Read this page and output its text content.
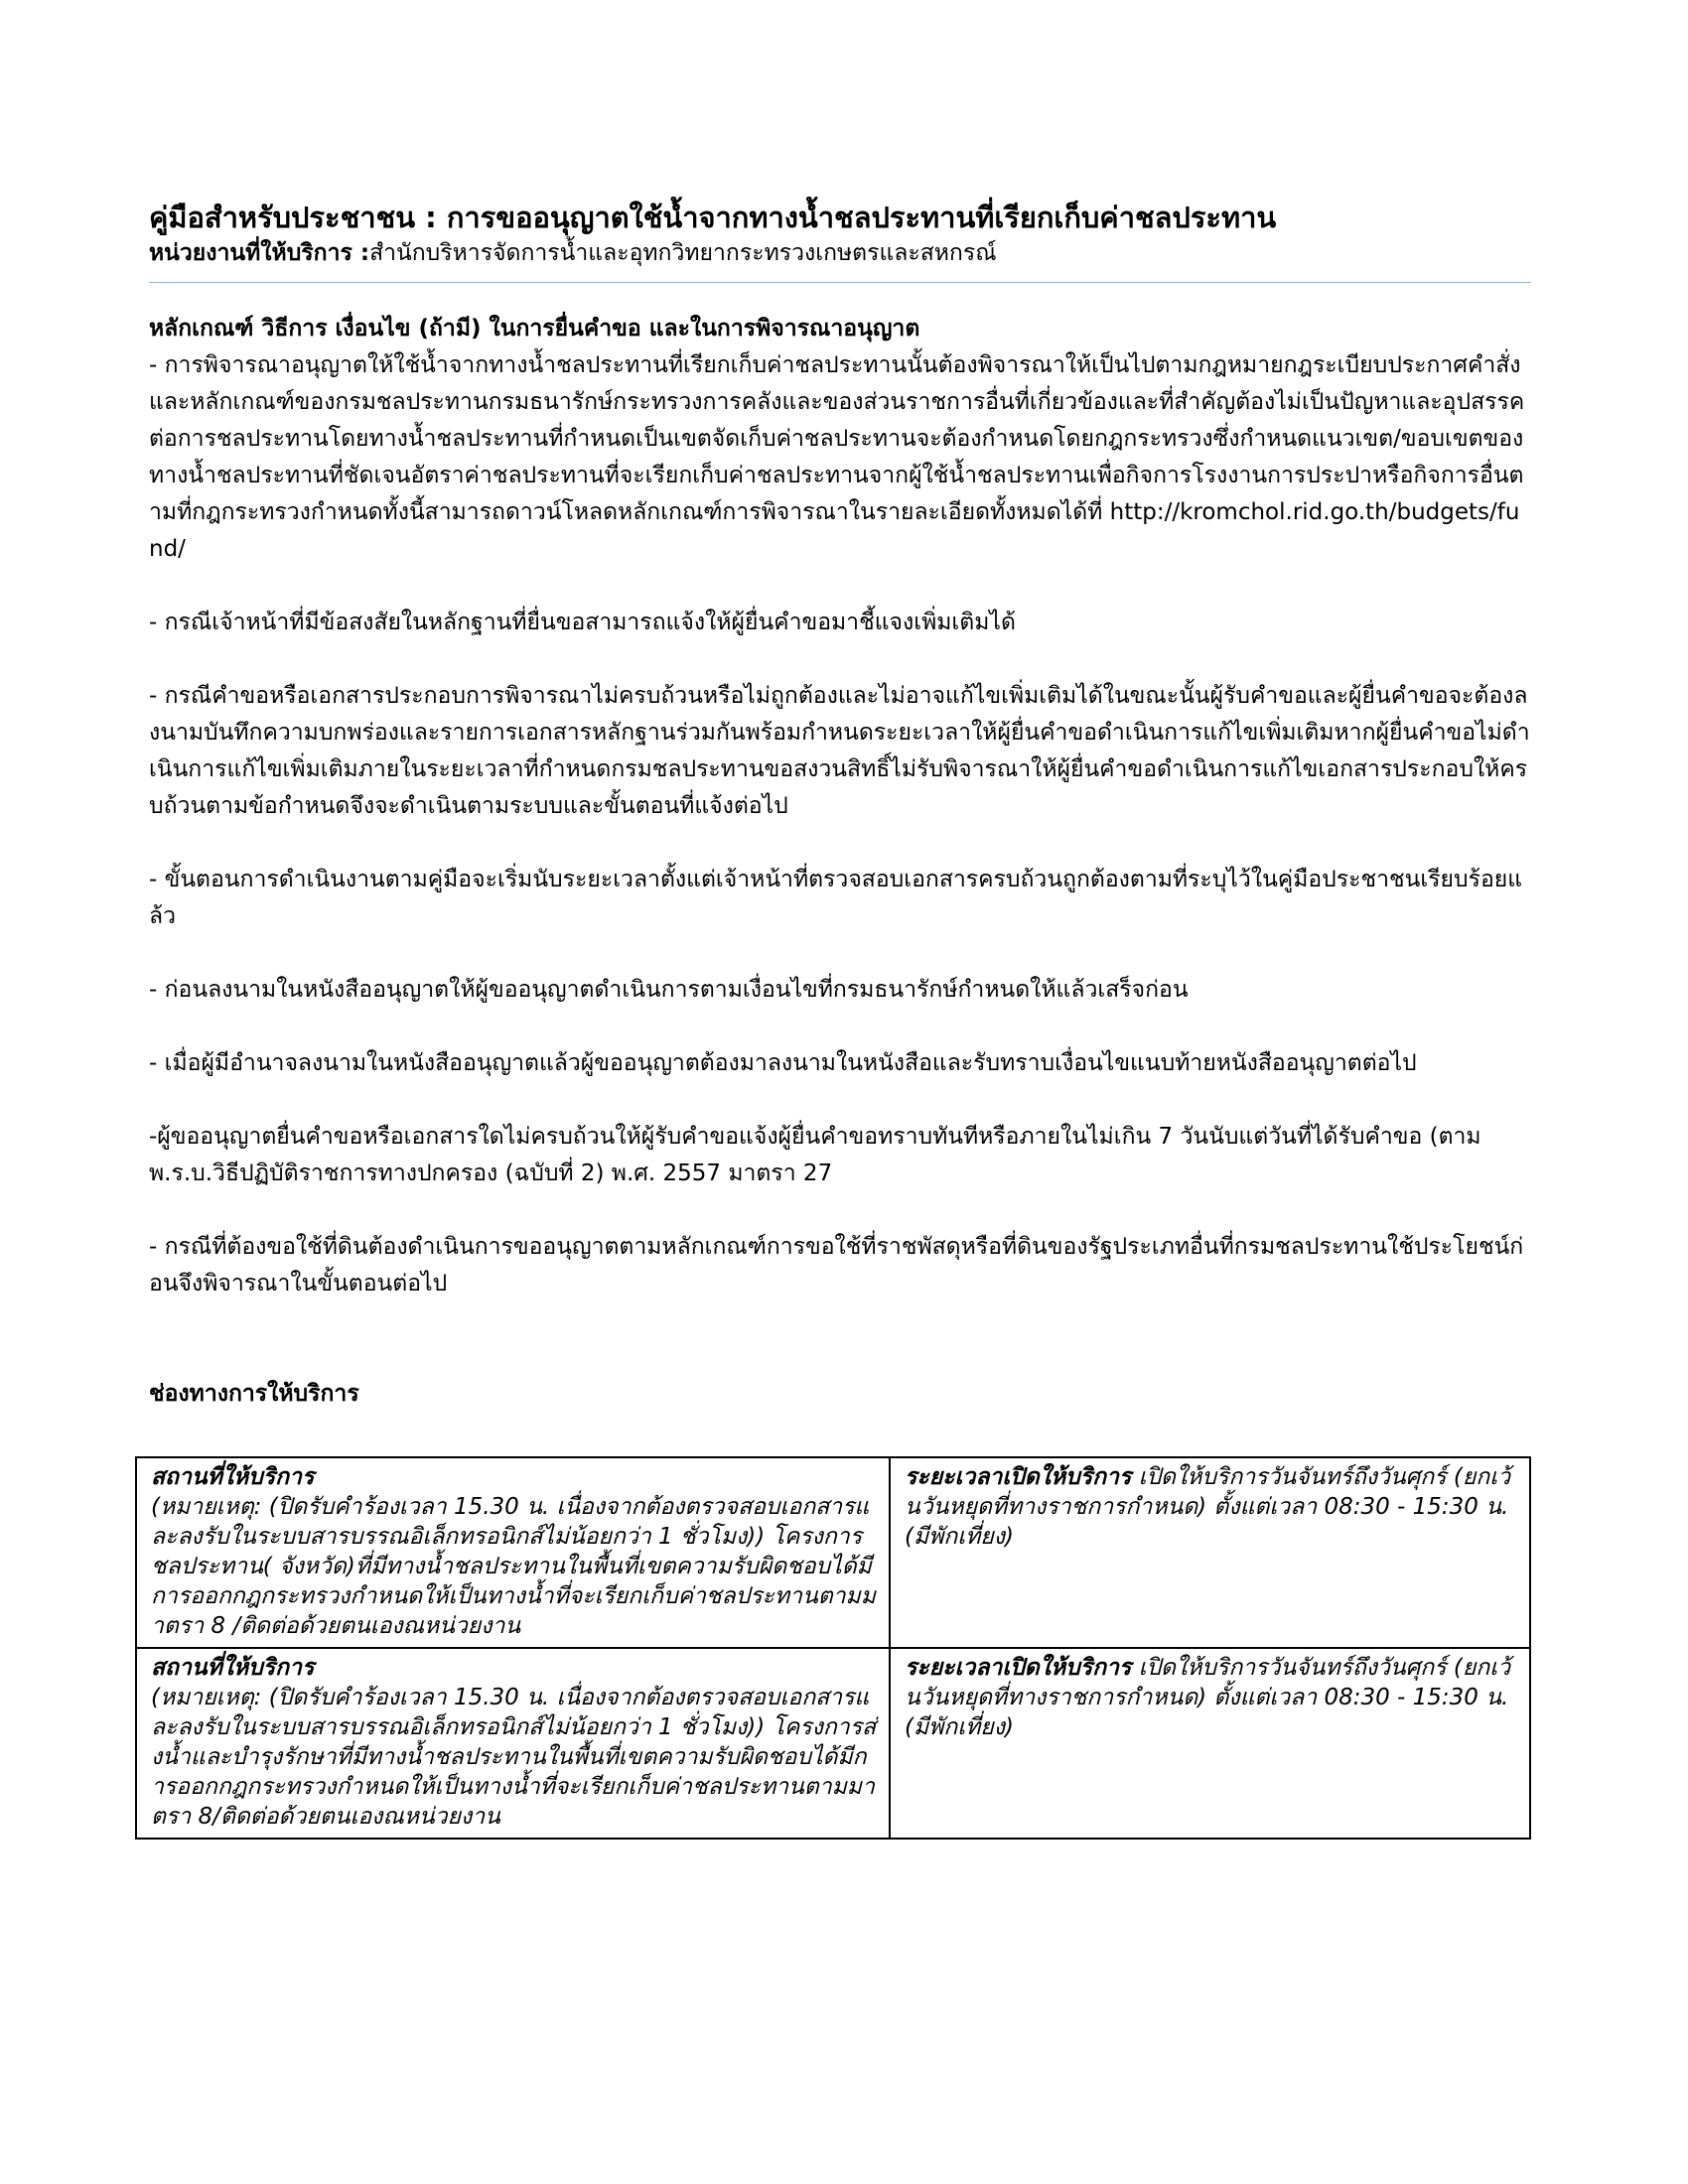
คู่มือสำหรับประชาชน : การขออนุญาตใช้น้ำจากทางน้ำชลประทานที่เรียกเก็บค่าชลประทาน
หน่วยงานที่ให้บริการ :สำนักบริหารจัดการน้ำและอุทกวิทยากระทรวงเกษตรและสหกรณ์
หลักเกณฑ์ วิธีการ เงื่อนไข (ถ้ามี) ในการยื่นคำขอ และในการพิจารณาอนุญาต

- การพิจารณาอนุญาตให้ใช้น้ำจากทางน้ำชลประทานที่เรียกเก็บค่าชลประทานนั้นต้องพิจารณาให้เป็นไปตามกฎหมายกฎระเบียบประกาศคำสั่งและหลักเกณฑ์ของกรมชลประทานกรมธนารักษ์กระทรวงการคลังและของส่วนราชการอื่นที่เกี่ยวข้องและที่สำคัญต้องไม่เป็นปัญหาและอุปสรรคต่อการชลประทานโดยทางน้ำชลประทานที่กำหนดเป็นเขตจัดเก็บค่าชลประทานจะต้องกำหนดโดยกฎกระทรวงซึ่งกำหนดแนวเขต/ขอบเขตของทางน้ำชลประทานที่ชัดเจนอัตราค่าชลประทานที่จะเรียกเก็บค่าชลประทานจากผู้ใช้น้ำชลประทานเพื่อกิจการโรงงานการประปาหรือกิจการอื่นตามที่กฎกระทรวงกำหนดทั้งนี้สามารถดาวน์โหลดหลักเกณฑ์การพิจารณาในรายละเอียดทั้งหมดได้ที่ http://kromchol.rid.go.th/budgets/fund/

- กรณีเจ้าหน้าที่มีข้อสงสัยในหลักฐานที่ยื่นขอสามารถแจ้งให้ผู้ยื่นคำขอมาชี้แจงเพิ่มเติมได้

- กรณีคำขอหรือเอกสารประกอบการพิจารณาไม่ครบถ้วนหรือไม่ถูกต้องและไม่อาจแก้ไขเพิ่มเติมได้ในขณะนั้นผู้รับคำขอและผู้ยื่นคำขอจะต้องลงนามบันทึกความบกพร่องและรายการเอกสารหลักฐานร่วมกันพร้อมกำหนดระยะเวลาให้ผู้ยื่นคำขอดำเนินการแก้ไขเพิ่มเติมหากผู้ยื่นคำขอไม่ดำเนินการแก้ไขเพิ่มเติมภายในระยะเวลาที่กำหนดกรมชลประทานขอสงวนสิทธิ์ไม่รับพิจารณาให้ผู้ยื่นคำขอดำเนินการแก้ไขเอกสารประกอบให้ครบถ้วนตามข้อกำหนดจึงจะดำเนินตามระบบและขั้นตอนที่แจ้งต่อไป

- ขั้นตอนการดำเนินงานตามคู่มือจะเริ่มนับระยะเวลาตั้งแต่เจ้าหน้าที่ตรวจสอบเอกสารครบถ้วนถูกต้องตามที่ระบุไว้ในคู่มือประชาชนเรียบร้อยแล้ว

- ก่อนลงนามในหนังสืออนุญาตให้ผู้ขออนุญาตดำเนินการตามเงื่อนไขที่กรมธนารักษ์กำหนดให้แล้วเสร็จก่อน

- เมื่อผู้มีอำนาจลงนามในหนังสืออนุญาตแล้วผู้ขออนุญาตต้องมาลงนามในหนังสือและรับทราบเงื่อนไขแนบท้ายหนังสืออนุญาตต่อไป

-ผู้ขออนุญาตยื่นคำขอหรือเอกสารใดไม่ครบถ้วนให้ผู้รับคำขอแจ้งผู้ยื่นคำขอทราบทันทีหรือภายในไม่เกิน 7 วันนับแต่วันที่ได้รับคำขอ (ตามพ.ร.บ.วิธีปฏิบัติราชการทางปกครอง (ฉบับที่ 2) พ.ศ. 2557 มาตรา 27

- กรณีที่ต้องขอใช้ที่ดินต้องดำเนินการขออนุญาตตามหลักเกณฑ์การขอใช้ที่ราชพัสดุหรือที่ดินของรัฐประเภทอื่นที่กรมชลประทานใช้ประโยชน์ก่อนจึงพิจารณาในขั้นตอนต่อไป

ช่องทางการให้บริการ
สถานที่ให้บริการ
(หมายเหตุ: (ปิดรับคำร้องเวลา 15.30 น. เนื่องจากต้องตรวจสอบเอกสารและลงรับในระบบสารบรรณอิเล็กทรอนิกส์ไม่น้อยกว่า 1 ชั่วโมง)) โครงการชลประทาน( จังหวัด)ที่มีทางน้ำชลประทานในพื้นที่เขตความรับผิดชอบได้มีการออกกฎกระทรวงกำหนดให้เป็นทางน้ำที่จะเรียกเก็บค่าชลประทานตามมาตรา 8 /ติดต่อด้วยตนเองณหน่วยงาน	ระยะเวลาเปิดให้บริการ เปิดให้บริการวันจันทร์ถึงวันศุกร์ (ยกเว้นวันหยุดที่ทางราชการกำหนด) ตั้งแต่เวลา 08:30 - 15:30 น. (มีพักเที่ยง)
สถานที่ให้บริการ
(หมายเหตุ: (ปิดรับคำร้องเวลา 15.30 น. เนื่องจากต้องตรวจสอบเอกสารและลงรับในระบบสารบรรณอิเล็กทรอนิกส์ไม่น้อยกว่า 1 ชั่วโมง)) โครงการส่งน้ำและบำรุงรักษาที่มีทางน้ำชลประทานในพื้นที่เขตความรับผิดชอบได้มีการออกกฎกระทรวงกำหนดให้เป็นทางน้ำที่จะเรียกเก็บค่าชลประทานตามมาตรา 8/ติดต่อด้วยตนเองณหน่วยงาน	ระยะเวลาเปิดให้บริการ เปิดให้บริการวันจันทร์ถึงวันศุกร์ (ยกเว้นวันหยุดที่ทางราชการกำหนด) ตั้งแต่เวลา 08:30 - 15:30 น. (มีพักเที่ยง)
